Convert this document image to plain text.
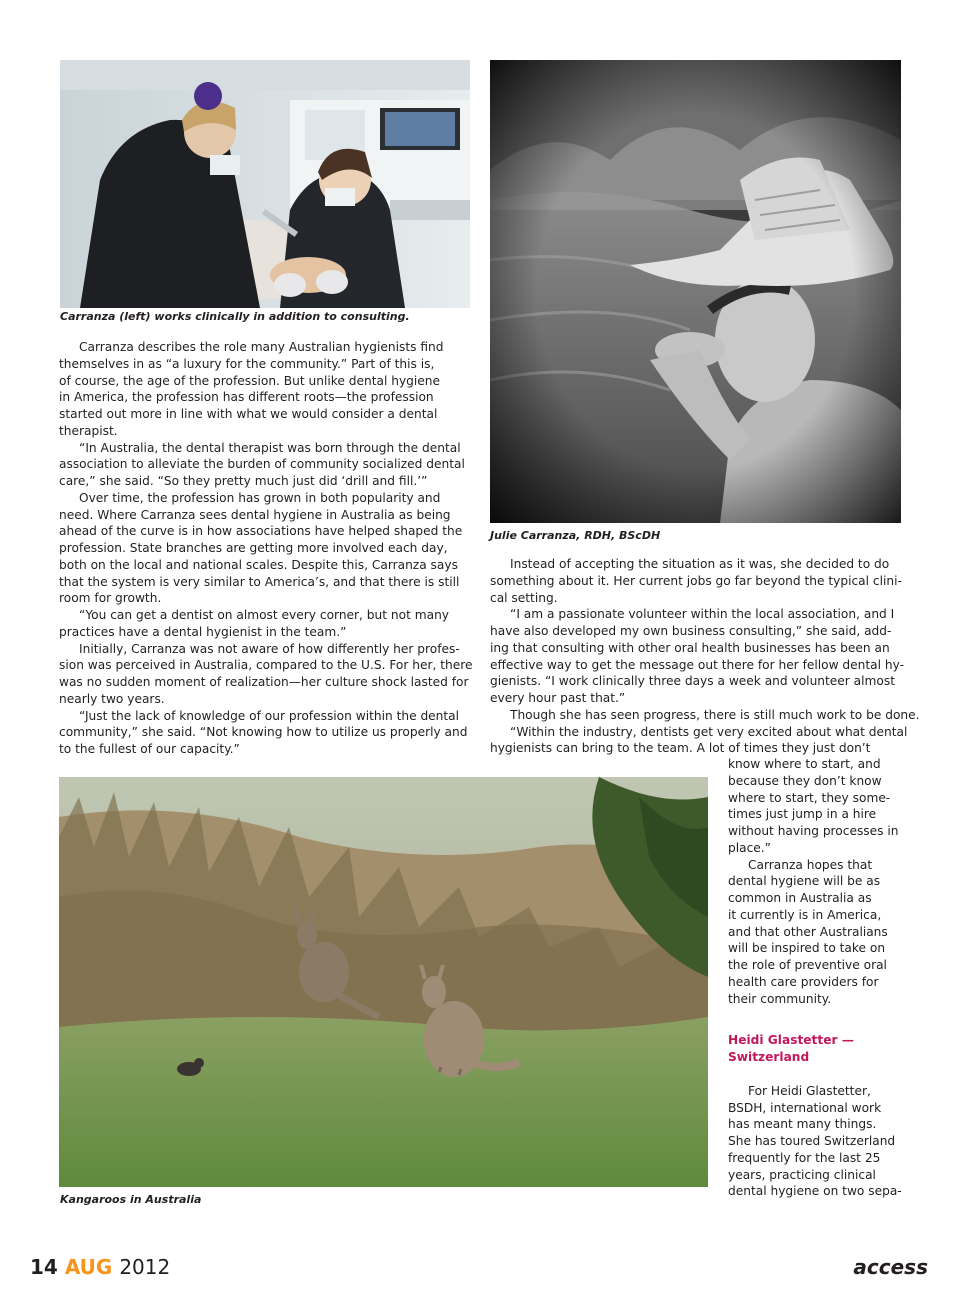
Carranza (left) works clinically in addition to consulting.
Julie Carranza, RDH, BScDH
Carranza describes the role many Australian hygienists find
themselves in as “a luxury for the community.” Part of this is,
of course, the age of the profession. But unlike dental hygiene
in America, the profession has different roots—the profession
started out more in line with what we would consider a dental
therapist.
“In Australia, the dental therapist was born through the dental
association to alleviate the burden of community socialized dental
care,” she said. “So they pretty much just did ‘drill and fill.’”
Over time, the profession has grown in both popularity and
need. Where Carranza sees dental hygiene in Australia as being
ahead of the curve is in how associations have helped shaped the
profession. State branches are getting more involved each day,
both on the local and national scales. Despite this, Carranza says
that the system is very similar to America’s, and that there is still
room for growth.
“You can get a dentist on almost every corner, but not many
practices have a dental hygienist in the team.”
Initially, Carranza was not aware of how differently her profes-
sion was perceived in Australia, compared to the U.S. For her, there
was no sudden moment of realization—her culture shock lasted for
nearly two years.
“Just the lack of knowledge of our profession within the dental
community,” she said. “Not knowing how to utilize us properly and
to the fullest of our capacity.”
Instead of accepting the situation as it was, she decided to do
something about it. Her current jobs go far beyond the typical clini-
cal setting.
“I am a passionate volunteer within the local association, and I
have also developed my own business consulting,” she said, add-
ing that consulting with other oral health businesses has been an
effective way to get the message out there for her fellow dental hy-
gienists. “I work clinically three days a week and volunteer almost
every hour past that.”
Though she has seen progress, there is still much work to be done.
“Within the industry, dentists get very excited about what dental
hygienists can bring to the team. A lot of times they just don’t
Kangaroos in Australia
know where to start, and
because they don’t know
where to start, they some-
times just jump in a hire
without having processes in
place.”
Carranza hopes that
dental hygiene will be as
common in Australia as
it currently is in America,
and that other Australians
will be inspired to take on
the role of preventive oral
health care providers for
their community.
Heidi Glastetter —
Switzerland
For Heidi Glastetter,
BSDH, international work
has meant many things.
She has toured Switzerland
frequently for the last 25
years, practicing clinical
dental hygiene on two sepa-
14 AUG 2012	access
